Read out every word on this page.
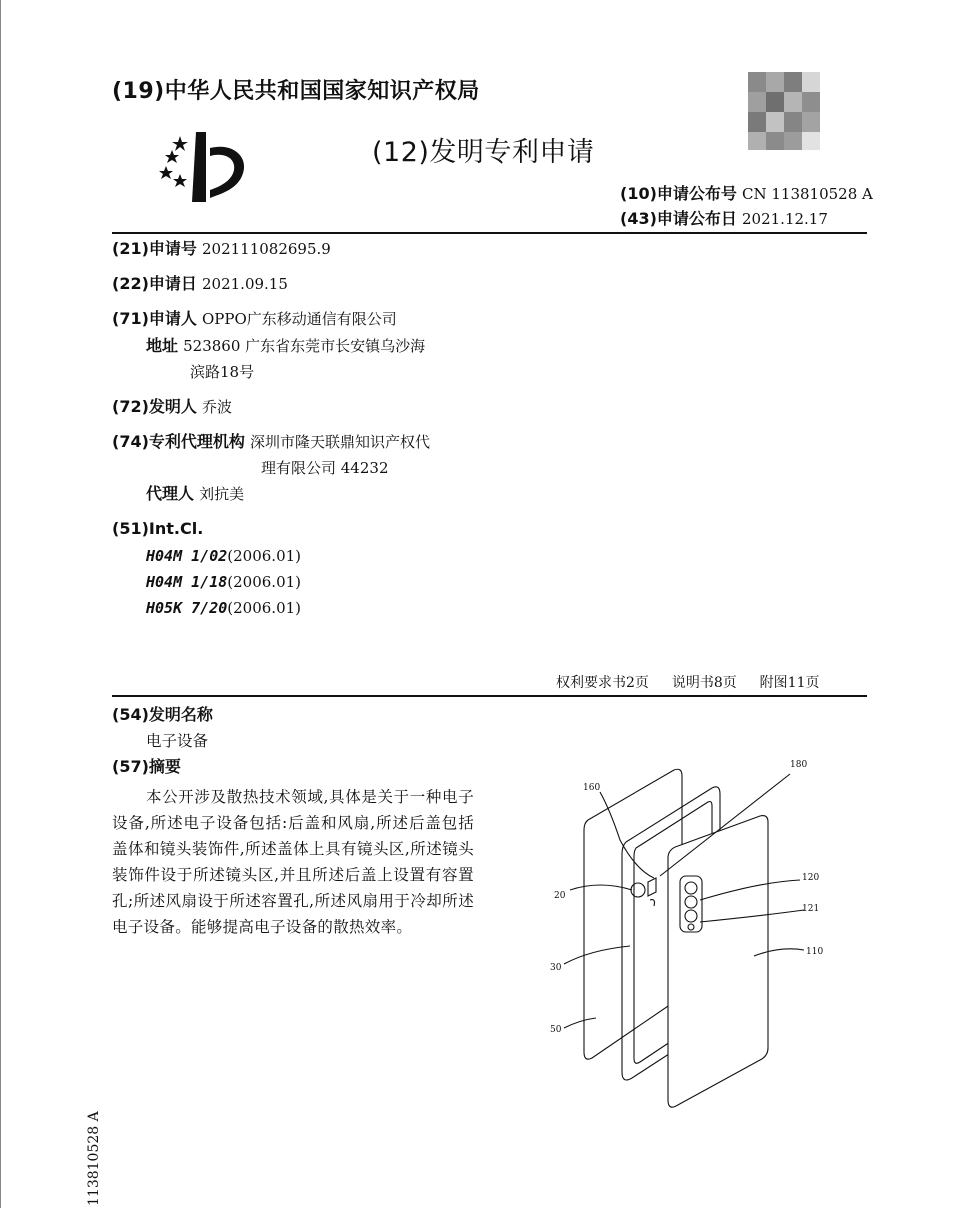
(19)中华人民共和国国家知识产权局
(12)发明专利申请
(10)申请公布号 CN 113810528 A
(43)申请公布日 2021.12.17
(21)申请号 202111082695.9
(22)申请日 2021.09.15
(71)申请人 OPPO广东移动通信有限公司
地址 523860 广东省东莞市长安镇乌沙海
滨路18号
(72)发明人 乔波
(74)专利代理机构 深圳市隆天联鼎知识产权代
理有限公司 44232
代理人 刘抗美
(51)Int.Cl.
H04M 1/02(2006.01)
H04M 1/18(2006.01)
H05K 7/20(2006.01)
权利要求书2页 说明书8页 附图11页
(54)发明名称
电子设备
(57)摘要
本公开涉及散热技术领域,具体是关于一种电子设备,所述电子设备包括:后盖和风扇,所述后盖包括盖体和镜头装饰件,所述盖体上具有镜头区,所述镜头装饰件设于所述镜头区,并且所述后盖上设置有容置孔;所述风扇设于所述容置孔,所述风扇用于冷却所述电子设备。能够提高电子设备的散热效率。
180
160
20
120
121
110
30
50
113810528 A
